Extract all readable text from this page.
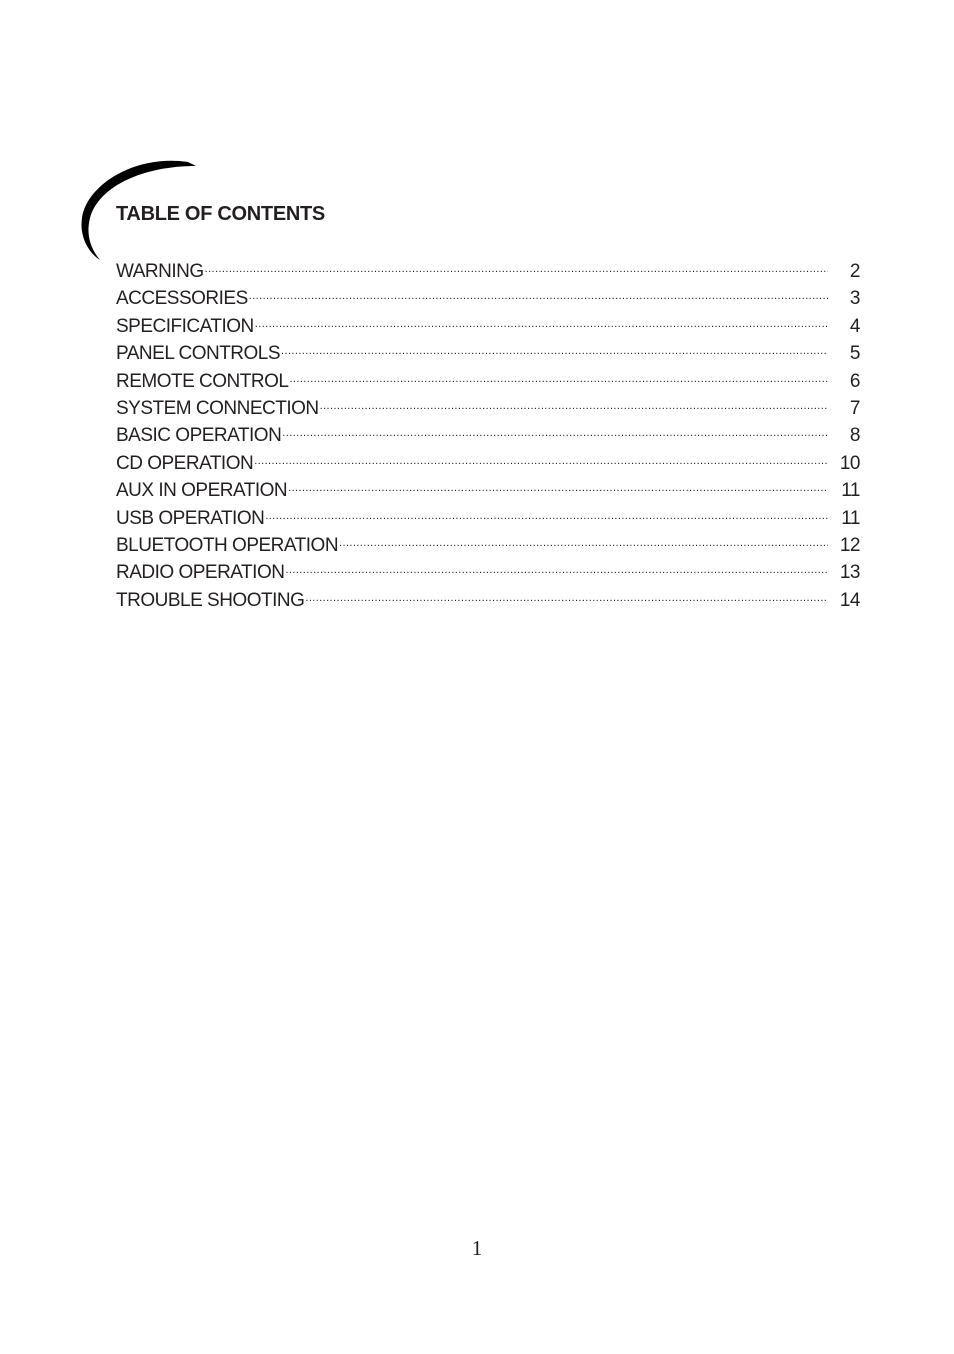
TABLE OF CONTENTS
WARNING .....	2
ACCESSORIES .....	3
SPECIFICATION .....	4
PANEL CONTROLS .....	5
REMOTE CONTROL .....	6
SYSTEM CONNECTION .....	7
BASIC OPERATION .....	8
CD OPERATION .....	10
AUX IN OPERATION .....	11
USB OPERATION .....	11
BLUETOOTH OPERATION .....	12
RADIO OPERATION .....	13
TROUBLE SHOOTING .....	14
1
